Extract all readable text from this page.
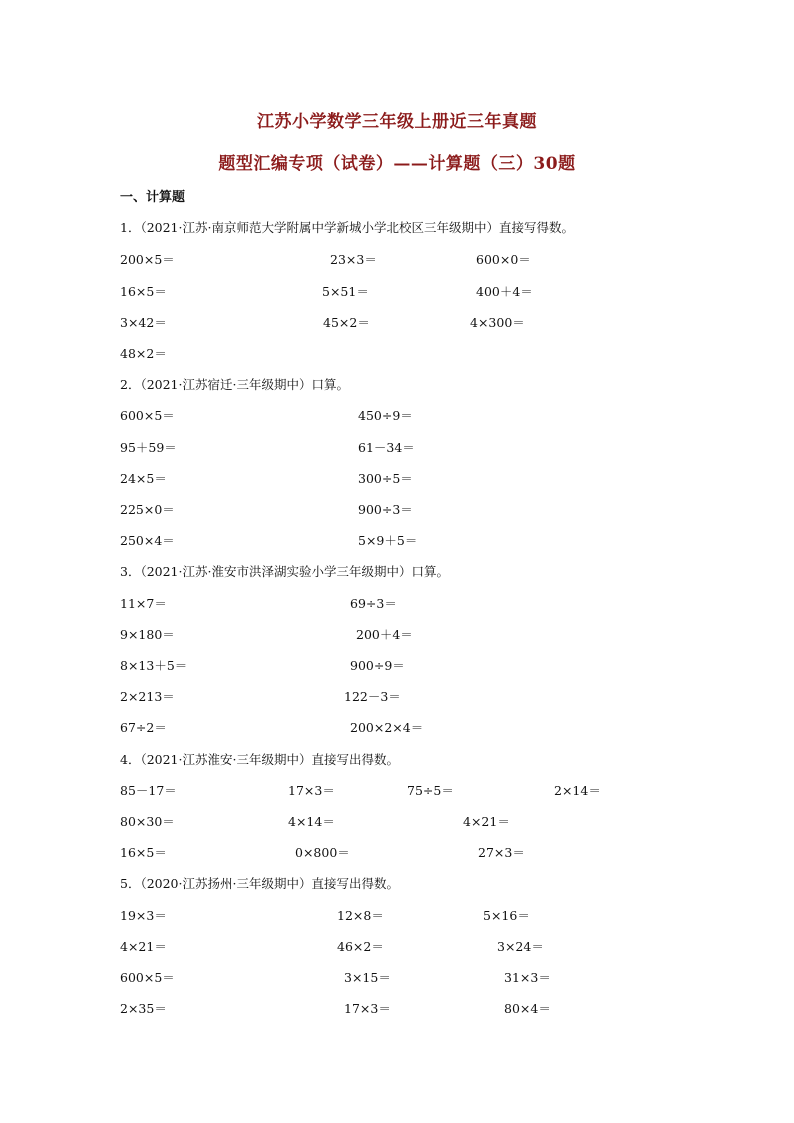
江苏小学数学三年级上册近三年真题
题型汇编专项（试卷）——计算题（三）30题
一、计算题
1．（2021·江苏·南京师范大学附属中学新城小学北校区三年级期中）直接写得数。
200×5＝	23×3＝	600×0＝
16×5＝	5×51＝	400＋4＝
3×42＝	45×2＝	4×300＝
48×2＝
2．（2021·江苏宿迁·三年级期中）口算。
600×5＝	450÷9＝
95＋59＝	61－34＝
24×5＝	300÷5＝
225×0＝	900÷3＝
250×4＝	5×9＋5＝
3．（2021·江苏·淮安市洪泽湖实验小学三年级期中）口算。
11×7＝	69÷3＝
9×180＝	200＋4＝
8×13＋5＝	900÷9＝
2×213＝	122－3＝
67÷2＝	200×2×4＝
4．（2021·江苏淮安·三年级期中）直接写出得数。
85－17＝	17×3＝	75÷5＝	2×14＝
80×30＝	4×14＝	4×21＝
16×5＝	0×800＝	27×3＝
5．（2020·江苏扬州·三年级期中）直接写出得数。
19×3＝	12×8＝	5×16＝
4×21＝	46×2＝	3×24＝
600×5＝	3×15＝	31×3＝
2×35＝	17×3＝	80×4＝
